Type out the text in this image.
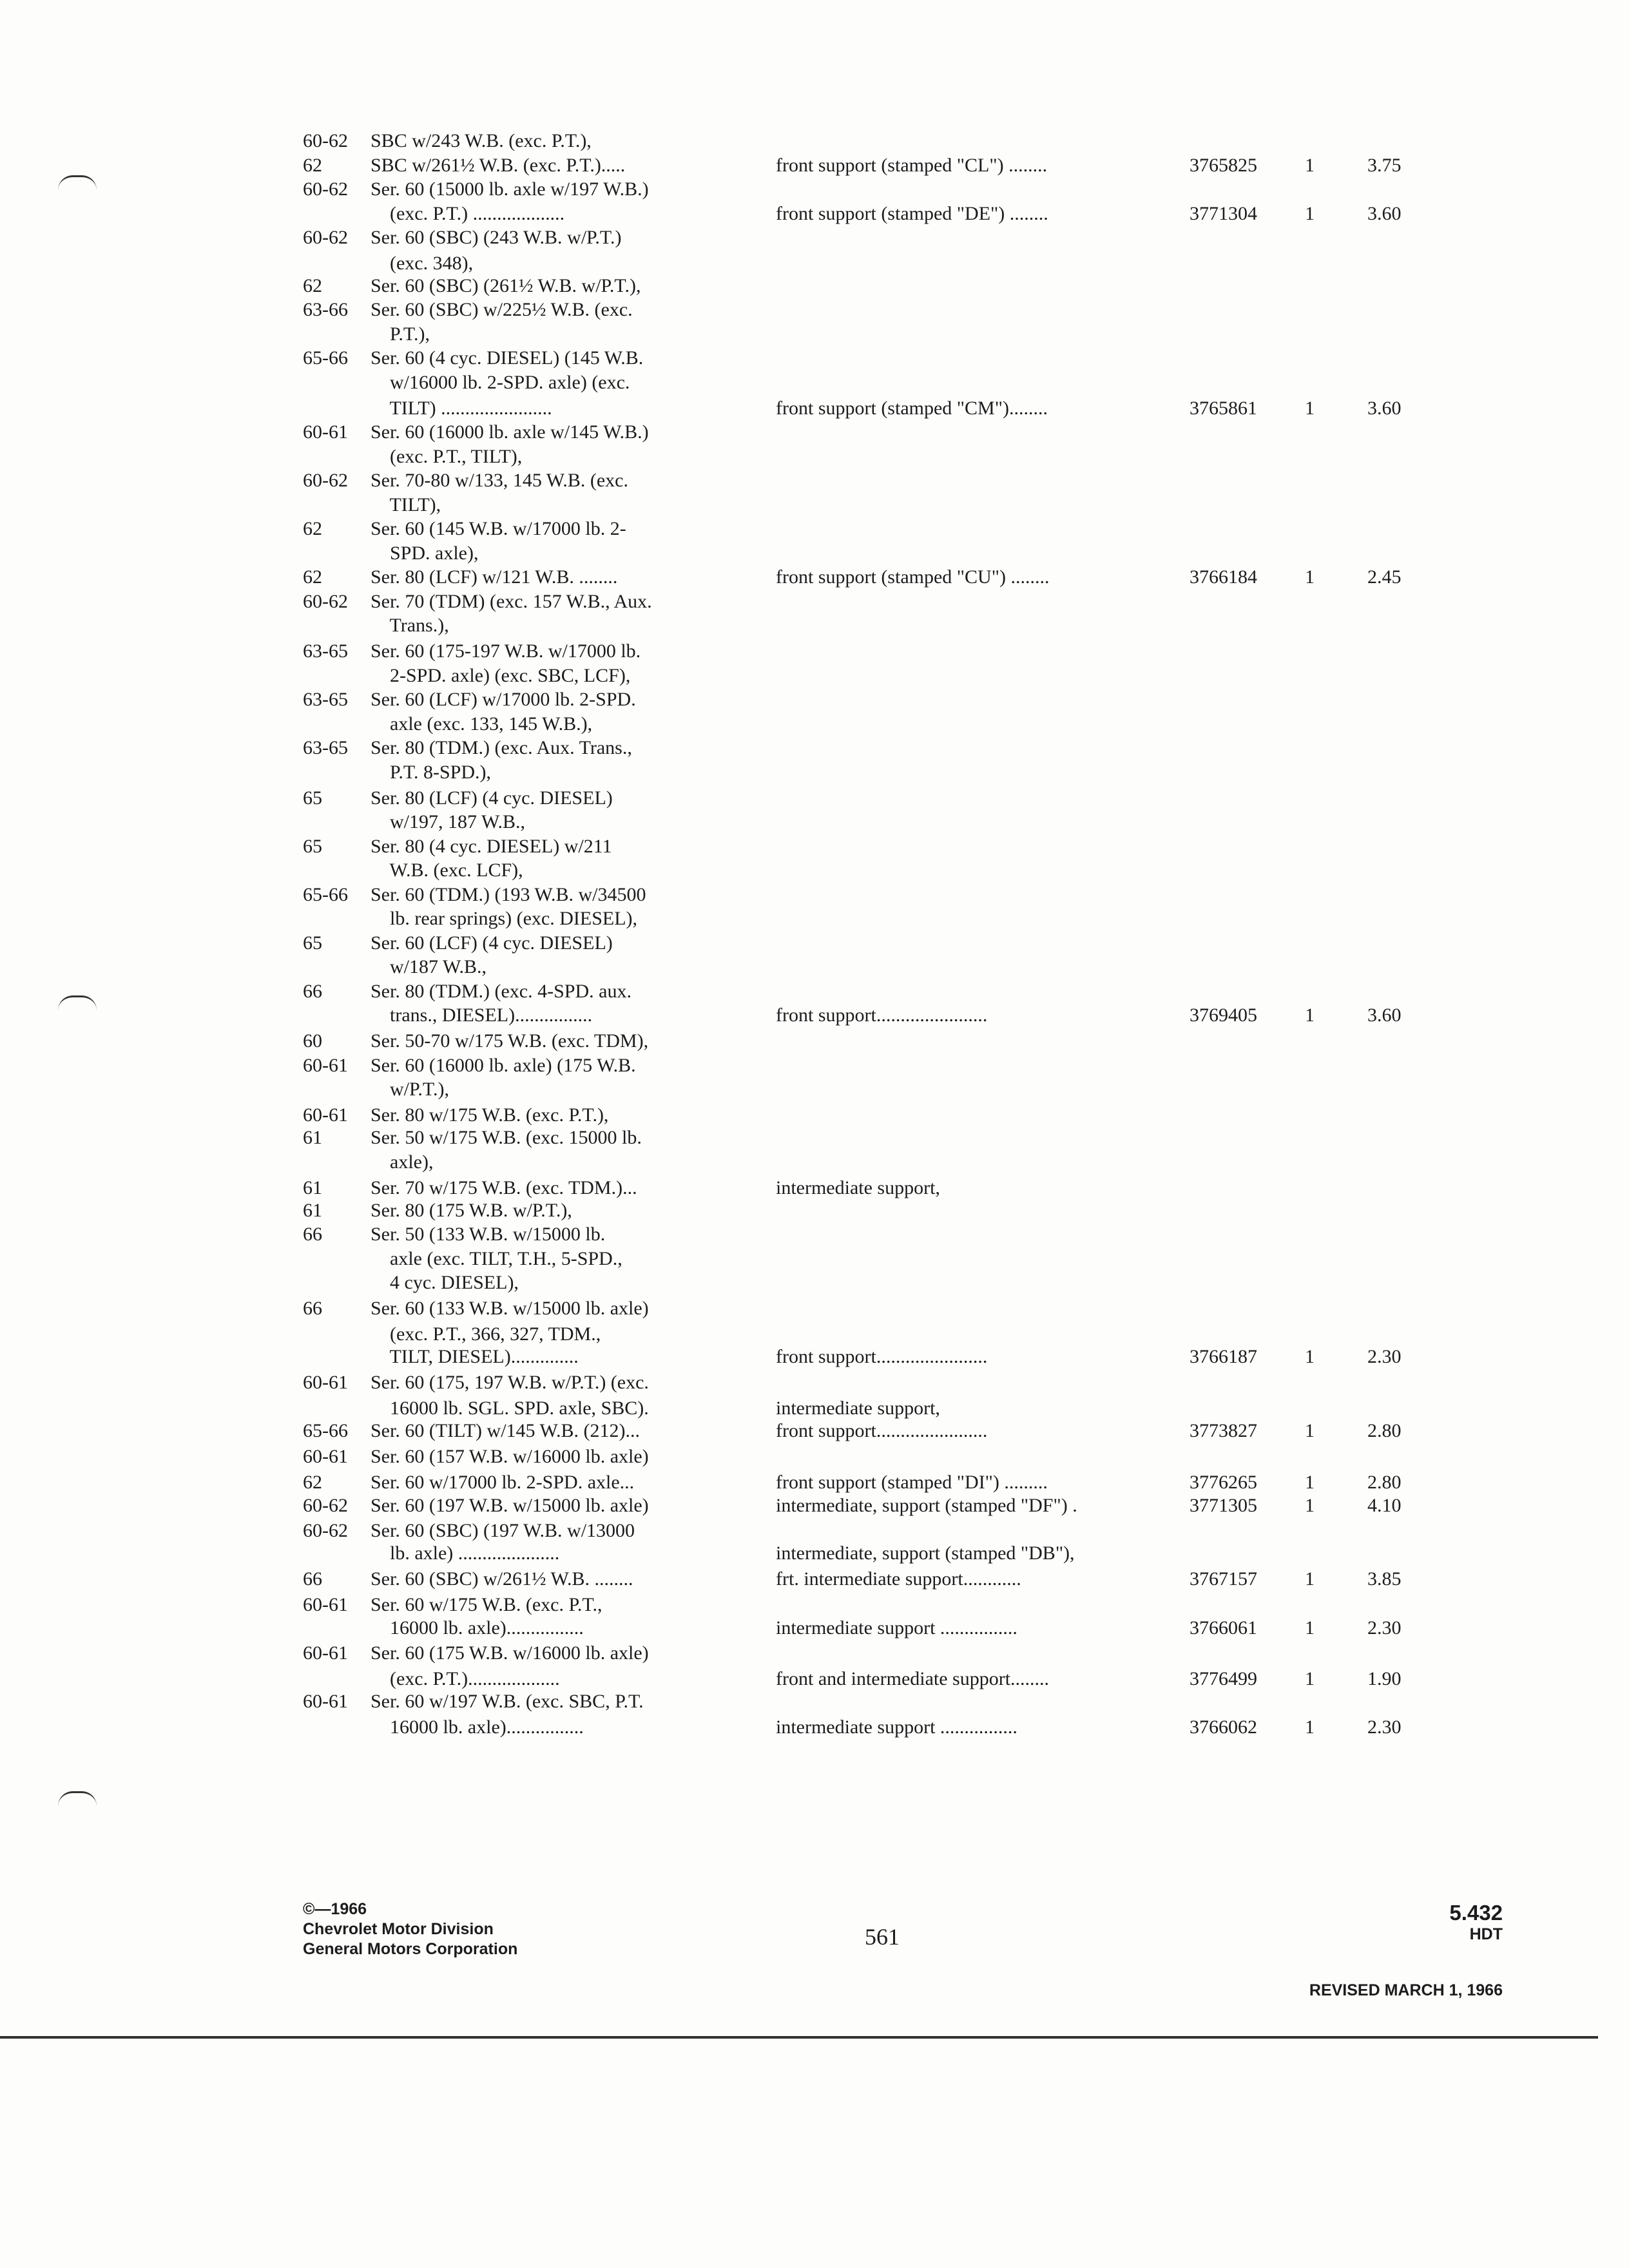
60-62 SBC w/243 W.B. (exc. P.T.),
62	SBC w/261½ W.B. (exc. P.T.).....	front support (stamped "CL") ........	3765825 1	3.75
60-62 Ser. 60 (15000 lb. axle w/197 W.B.)
(exc. P.T.) ...................	front support (stamped "DE") ........	3771304 1	3.60
60-62 Ser. 60 (SBC) (243 W.B. w/P.T.)
(exc. 348),
62	Ser. 60 (SBC) (261½ W.B. w/P.T.),
63-66 Ser. 60 (SBC) w/225½ W.B. (exc.
P.T.),
65-66 Ser. 60 (4 cyc. DIESEL) (145 W.B.
w/16000 lb. 2-SPD. axle) (exc.
TILT) .......................	front support (stamped "CM")........	3765861 1	3.60
60-61 Ser. 60 (16000 lb. axle w/145 W.B.)
(exc. P.T., TILT),
60-62 Ser. 70-80 w/133, 145 W.B. (exc.
TILT),
62	Ser. 60 (145 W.B. w/17000 lb. 2-
SPD. axle),
62	Ser. 80 (LCF) w/121 W.B. ........	front support (stamped "CU") ........	3766184 1	2.45
60-62 Ser. 70 (TDM) (exc. 157 W.B., Aux.
Trans.),
63-65 Ser. 60 (175-197 W.B. w/17000 lb.
2-SPD. axle) (exc. SBC, LCF),
63-65 Ser. 60 (LCF) w/17000 lb. 2-SPD.
axle (exc. 133, 145 W.B.),
63-65 Ser. 80 (TDM.) (exc. Aux. Trans.,
P.T. 8-SPD.),
65	Ser. 80 (LCF) (4 cyc. DIESEL)
w/197, 187 W.B.,
65	Ser. 80 (4 cyc. DIESEL) w/211
W.B. (exc. LCF),
65-66 Ser. 60 (TDM.) (193 W.B. w/34500
lb. rear springs) (exc. DIESEL),
65	Ser. 60 (LCF) (4 cyc. DIESEL)
w/187 W.B.,
66	Ser. 80 (TDM.) (exc. 4-SPD. aux.
trans., DIESEL)................	front support.......................	3769405 1	3.60
60	Ser. 50-70 w/175 W.B. (exc. TDM),
60-61 Ser. 60 (16000 lb. axle) (175 W.B.
w/P.T.),
60-61 Ser. 80 w/175 W.B. (exc. P.T.),
61	Ser. 50 w/175 W.B. (exc. 15000 lb.
axle),
61	Ser. 70 w/175 W.B. (exc. TDM.)...	intermediate support,
61	Ser. 80 (175 W.B. w/P.T.),
66	Ser. 50 (133 W.B. w/15000 lb.
axle (exc. TILT, T.H., 5-SPD.,
4 cyc. DIESEL),
66	Ser. 60 (133 W.B. w/15000 lb. axle)
(exc. P.T., 366, 327, TDM.,
TILT, DIESEL)..............	front support.......................	3766187 1	2.30
60-61 Ser. 60 (175, 197 W.B. w/P.T.) (exc.
16000 lb. SGL. SPD. axle, SBC).	intermediate support,
65-66 Ser. 60 (TILT) w/145 W.B. (212)...	front support.......................	3773827 1	2.80
60-61 Ser. 60 (157 W.B. w/16000 lb. axle)
62	Ser. 60 w/17000 lb. 2-SPD. axle...	front support (stamped "DI") .........	3776265 1	2.80
60-62 Ser. 60 (197 W.B. w/15000 lb. axle)	intermediate, support (stamped "DF") .	3771305 1	4.10
60-62 Ser. 60 (SBC) (197 W.B. w/13000
lb. axle) .....................	intermediate, support (stamped "DB"),
66	Ser. 60 (SBC) w/261½ W.B. ........	frt. intermediate support............	3767157 1	3.85
60-61 Ser. 60 w/175 W.B. (exc. P.T.,
16000 lb. axle)................	intermediate support ................	3766061 1	2.30
60-61 Ser. 60 (175 W.B. w/16000 lb. axle)
(exc. P.T.)...................	front and intermediate support........	3776499 1	1.90
60-61 Ser. 60 w/197 W.B. (exc. SBC, P.T.
16000 lb. axle)................	intermediate support ................	3766062 1	2.30
©—1966
Chevrolet Motor Division
General Motors Corporation	561
5.432
HDT
REVISED MARCH 1, 1966
